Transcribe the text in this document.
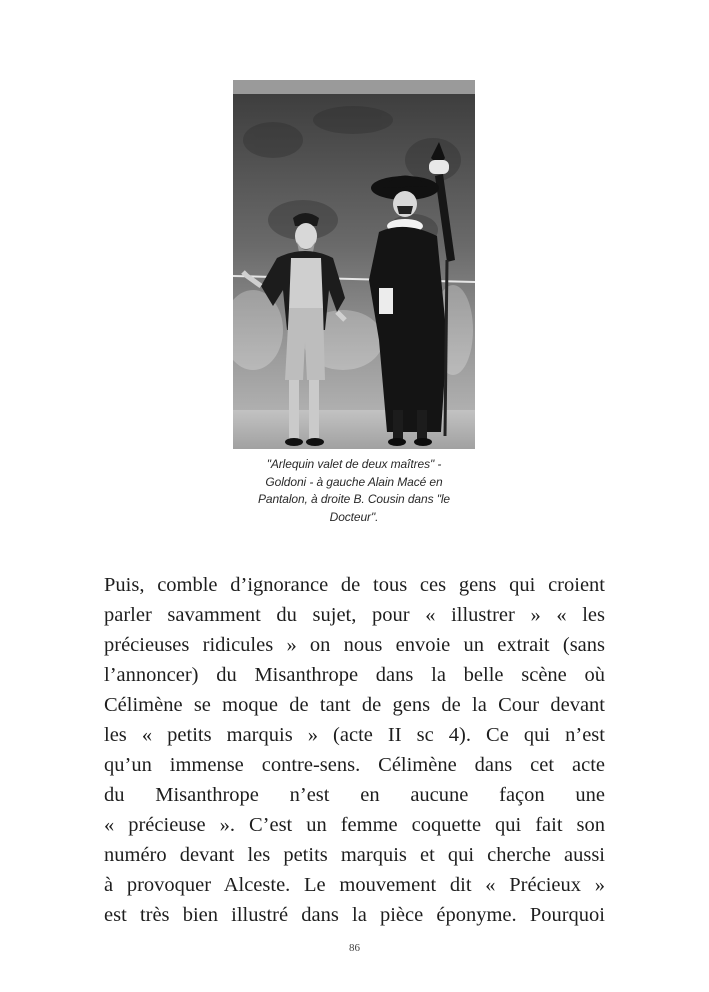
"Arlequin valet de deux maîtres" -
Goldoni - à gauche Alain Macé en
Pantalon, à droite B. Cousin dans "le
Docteur".
Puis, comble d’ignorance de tous ces gens qui croient
parler savamment du sujet, pour « illustrer » « les
précieuses ridicules » on nous envoie un extrait (sans
l’annoncer) du Misanthrope dans la belle scène où
Célimène se moque de tant de gens de la Cour devant
les « petits marquis » (acte II sc 4). Ce qui n’est
qu’un immense contre-sens. Célimène dans cet acte
du Misanthrope n’est en aucune façon une
« précieuse ». C’est un femme coquette qui fait son
numéro devant les petits marquis et qui cherche aussi
à provoquer Alceste. Le mouvement dit « Précieux »
est très bien illustré dans la pièce éponyme. Pourquoi
86
